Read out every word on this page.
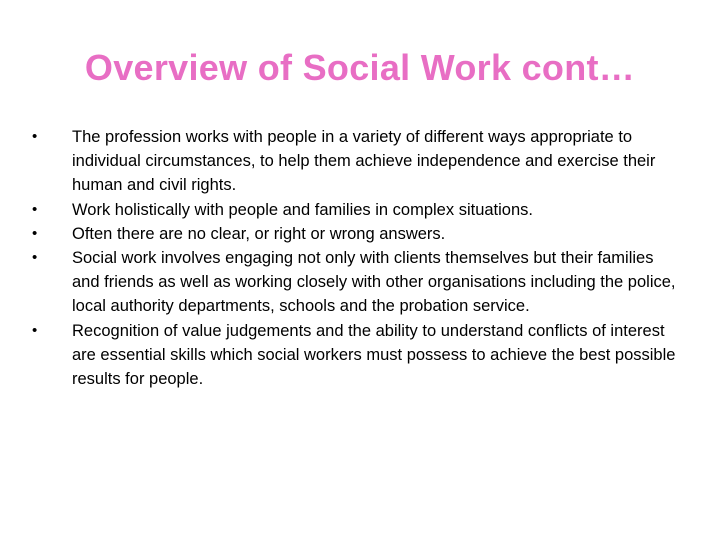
Overview of Social Work cont…
•	The profession works with people in a variety of different ways appropriate to individual circumstances, to help them achieve independence and exercise their human and civil rights.
•	Work holistically with people and families in complex situations.
•	Often there are no clear, or right or wrong answers.
•	Social work involves engaging not only with clients themselves but their families and friends as well as working closely with other organisations including the police, local authority departments, schools and the probation service.
•	Recognition of value judgements and the ability to understand conflicts of interest are essential skills which social workers must possess to achieve the best possible results for people.
